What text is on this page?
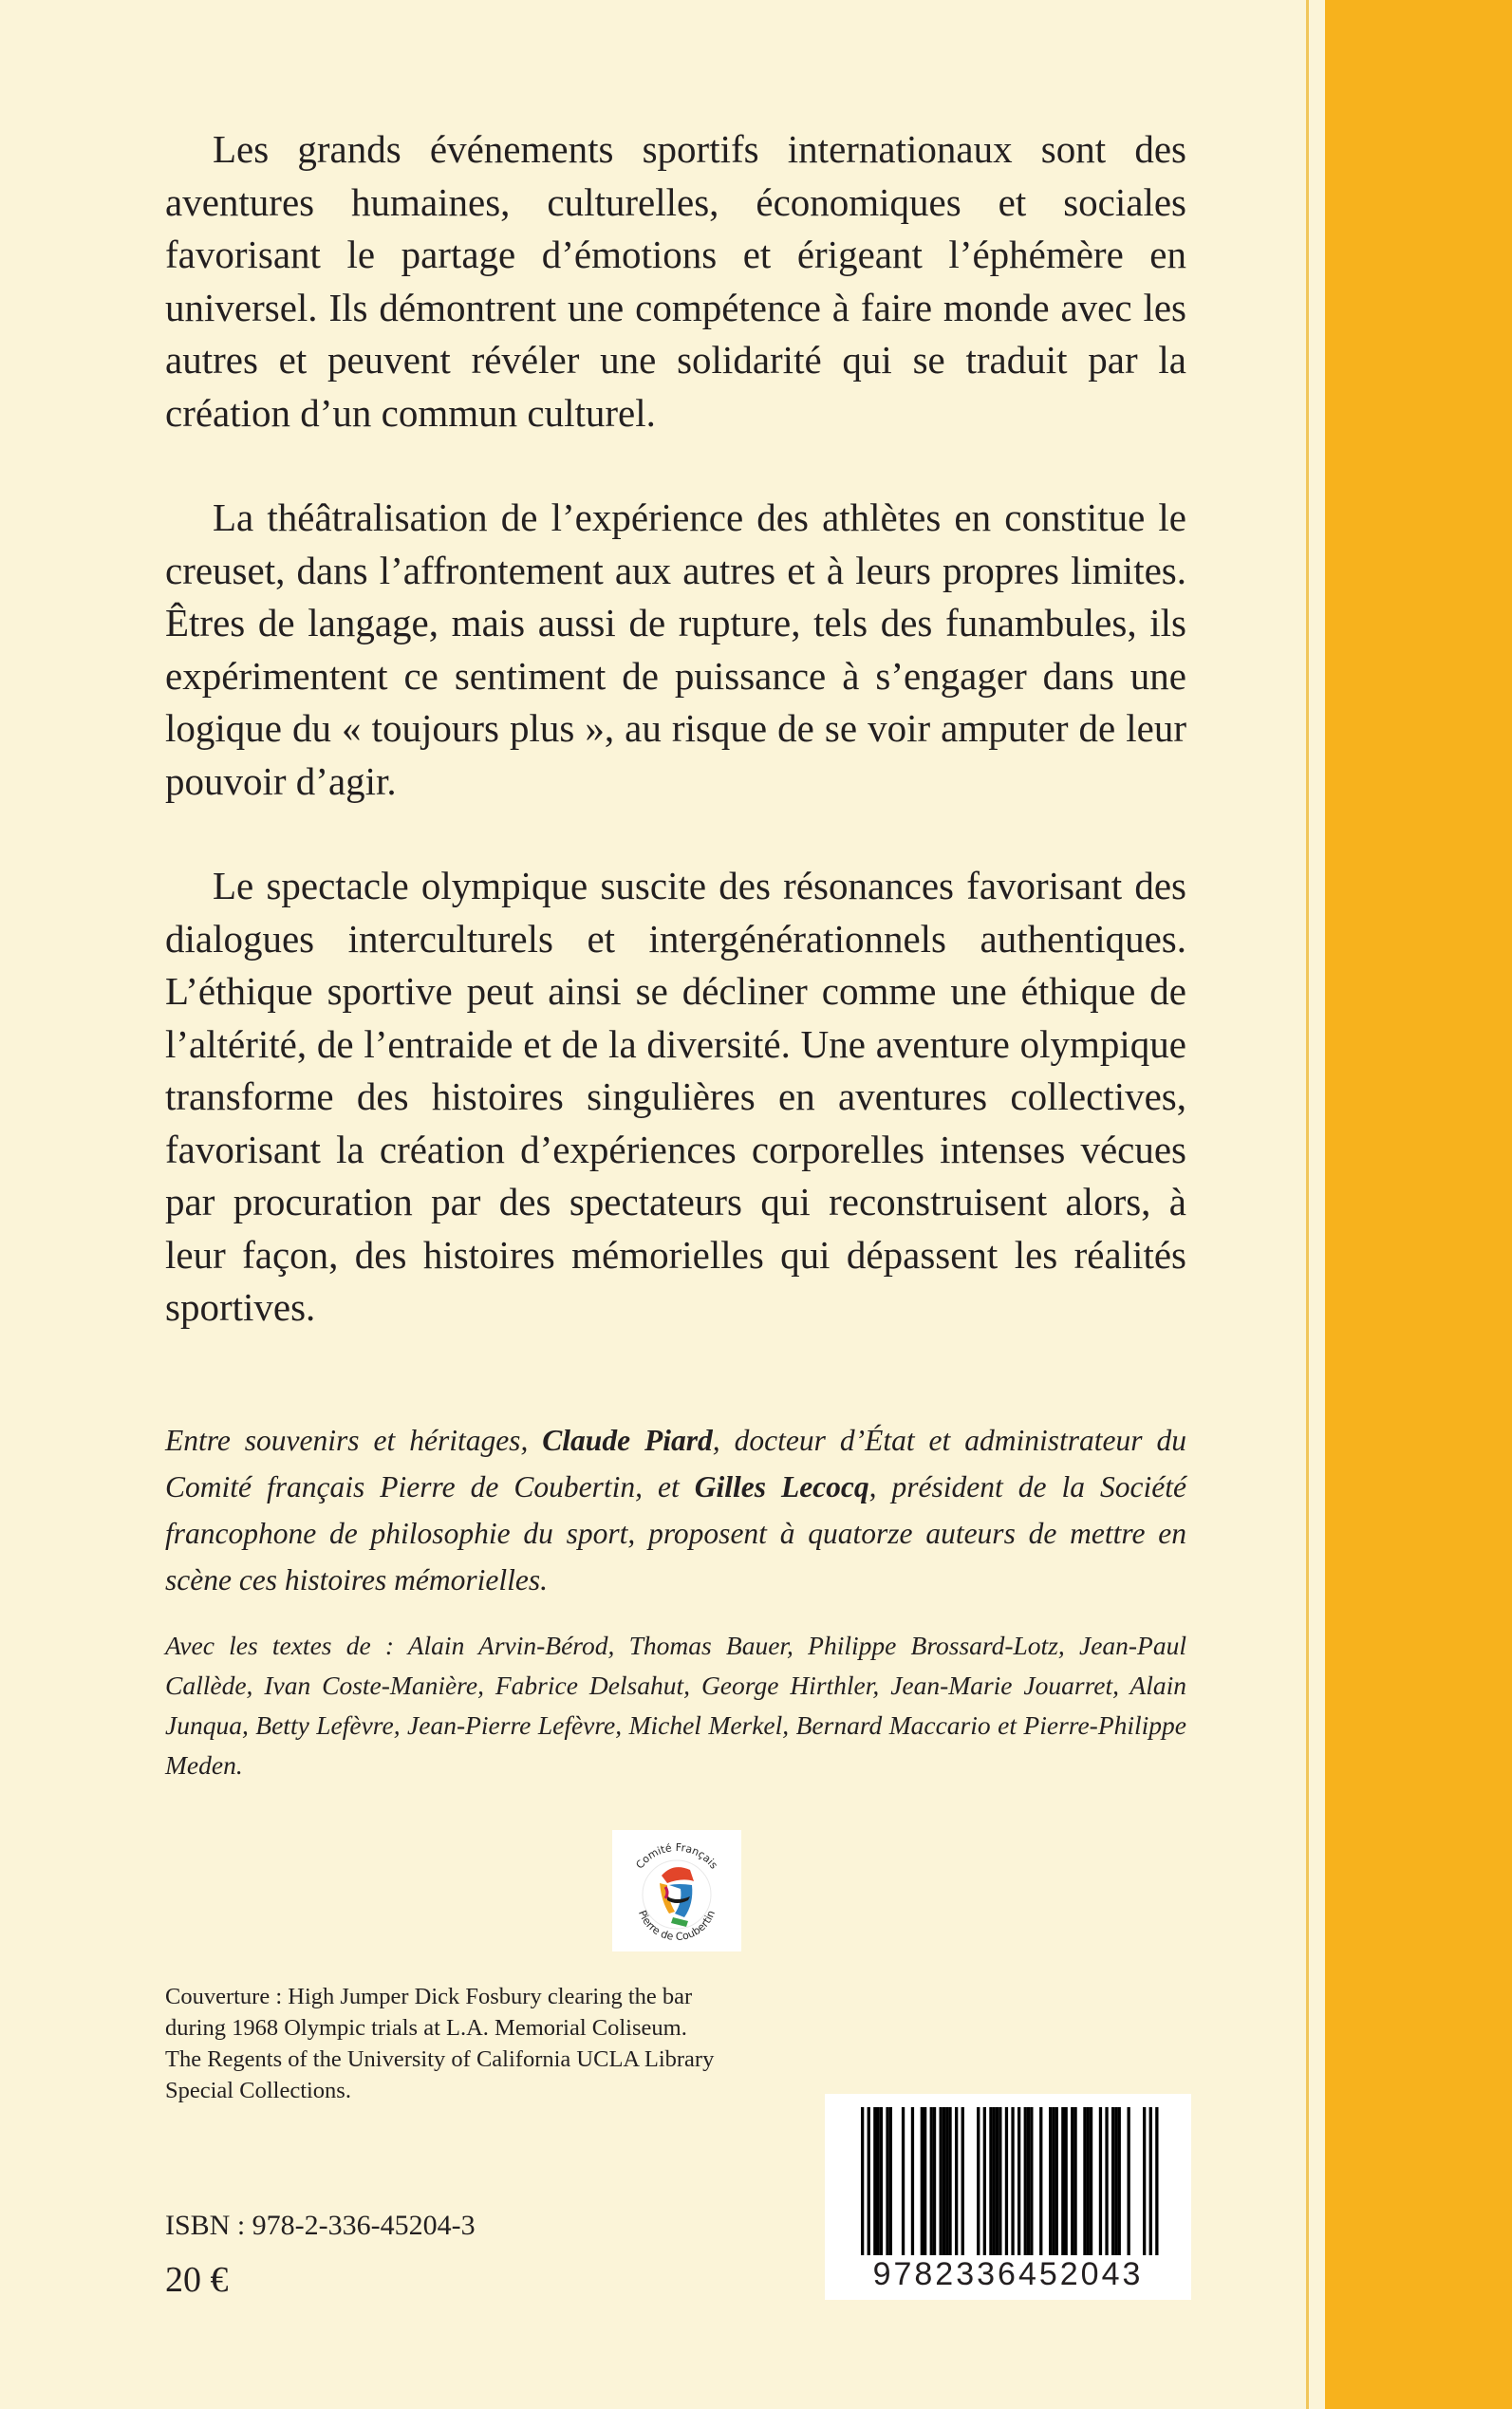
Les grands événements sportifs internationaux sont des aventures humaines, culturelles, économiques et sociales favorisant le partage d’émotions et érigeant l’éphémère en universel. Ils démontrent une compétence à faire monde avec les autres et peuvent révéler une solidarité qui se traduit par la création d’un commun culturel.

La théâtralisation de l’expérience des athlètes en constitue le creuset, dans l’affrontement aux autres et à leurs propres limites. Êtres de langage, mais aussi de rupture, tels des funambules, ils expérimentent ce sentiment de puissance à s’engager dans une logique du « toujours plus », au risque de se voir amputer de leur pouvoir d’agir.

Le spectacle olympique suscite des résonances favorisant des dialogues interculturels et intergénérationnels authentiques. L’éthique sportive peut ainsi se décliner comme une éthique de l’altérité, de l’entraide et de la diversité. Une aventure olympique transforme des histoires singulières en aventures collectives, favorisant la création d’expériences corporelles intenses vécues par procuration par des spectateurs qui reconstruisent alors, à leur façon, des histoires mémorielles qui dépassent les réalités sportives.

Entre souvenirs et héritages, Claude Piard, docteur d’État et administrateur du Comité français Pierre de Coubertin, et Gilles Lecocq, président de la Société francophone de philosophie du sport, proposent à quatorze auteurs de mettre en scène ces histoires mémorielles.

Avec les textes de : Alain Arvin-Bérod, Thomas Bauer, Philippe Brossard-Lotz, Jean-Paul Callède, Ivan Coste-Manière, Fabrice Delsahut, George Hirthler, Jean-Marie Jouarret, Alain Junqua, Betty Lefèvre, Jean-Pierre Lefèvre, Michel Merkel, Bernard Maccario et Pierre-Philippe Meden.

Comité Français
Pierre de Coubertin
Couverture : High Jumper Dick Fosbury clearing the bar
during 1968 Olympic trials at L.A. Memorial Coliseum.
The Regents of the University of California UCLA Library
Special Collections.
ISBN : 978-2-336-45204-3
20 €	9782336452043
